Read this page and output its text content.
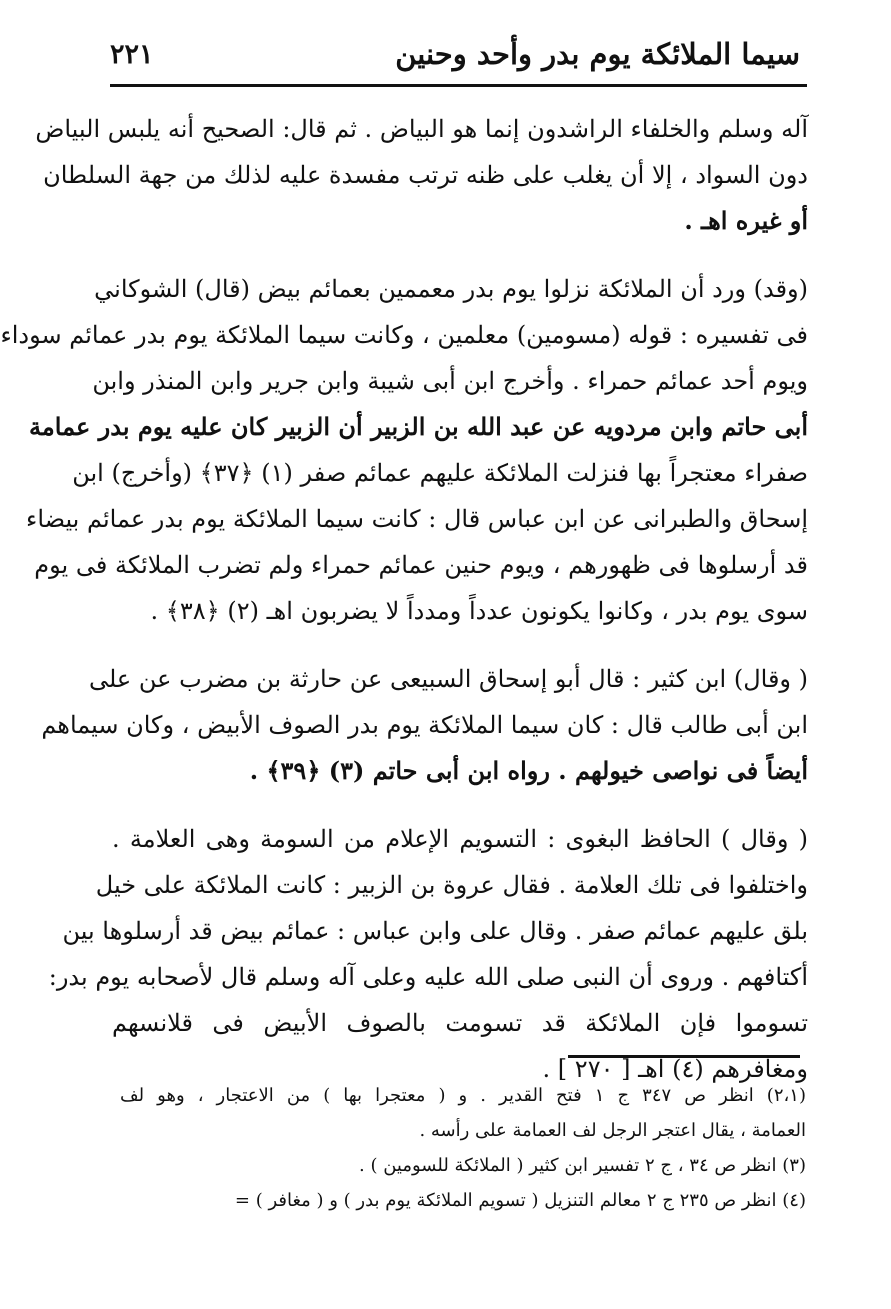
سيما الملائكة يوم بدر وأحد وحنين
٢٢١
آله وسلم والخلفاء الراشدون إنما هو البياض . ثم قال: الصحيح أنه يلبس البياض
دون السواد ، إلا أن يغلب على ظنه ترتب مفسدة عليه لذلك من جهة السلطان
أو غيره اهـ .
(وقد) ورد أن الملائكة نزلوا يوم بدر معممين بعمائم بيض (قال) الشوكاني
فى تفسيره : قوله (مسومين) معلمين ، وكانت سيما الملائكة يوم بدر عمائم سوداء
ويوم أحد عمائم حمراء . وأخرج ابن أبى شيبة وابن جرير وابن المنذر وابن
أبى حاتم وابن مردويه عن عبد الله بن الزبير أن الزبير كان عليه يوم بدر عمامة
صفراء معتجراً بها فنزلت الملائكة عليهم عمائم صفر (١) ﴿٣٧﴾ (وأخرج) ابن
إسحاق والطبرانى عن ابن عباس قال : كانت سيما الملائكة يوم بدر عمائم بيضاء
قد أرسلوها فى ظهورهم ، ويوم حنين عمائم حمراء ولم تضرب الملائكة فى يوم
سوى يوم بدر ، وكانوا يكونون عدداً ومدداً لا يضربون اهـ (٢) ﴿٣٨﴾ .
( وقال) ابن كثير : قال أبو إسحاق السبيعى عن حارثة بن مضرب عن على
ابن أبى طالب قال : كان سيما الملائكة يوم بدر الصوف الأبيض ، وكان سيماهم
أيضاً فى نواصى خيولهم . رواه ابن أبى حاتم (٣) ﴿٣٩﴾ .
( وقال ) الحافظ البغوى : التسويم الإعلام من السومة وهى العلامة .
واختلفوا فى تلك العلامة . فقال عروة بن الزبير : كانت الملائكة على خيل
بلق عليهم عمائم صفر . وقال على وابن عباس : عمائم بيض قد أرسلوها بين
أكتافهم . وروى أن النبى صلى الله عليه وعلى آله وسلم قال لأصحابه يوم بدر:
تسوموا فإن الملائكة قد تسومت بالصوف الأبيض فى قلانسهم
ومغافرهم (٤) اهـ [ ٢٧٠ ] .
(٢،١) انظر ص ٣٤٧ ج ١ فتح القدير . و ( معتجرا بها ) من الاعتجار ، وهو لف
العمامة ، يقال اعتجر الرجل لف العمامة على رأسه .
(٣) انظر ص ٣٤ ، ج ٢ تفسير ابن كثير ( الملائكة للسومين ) .
(٤) انظر ص ٢٣٥ ج ٢ معالم التنزيل ( تسويم الملائكة يوم بدر ) و ( مغافر ) =
